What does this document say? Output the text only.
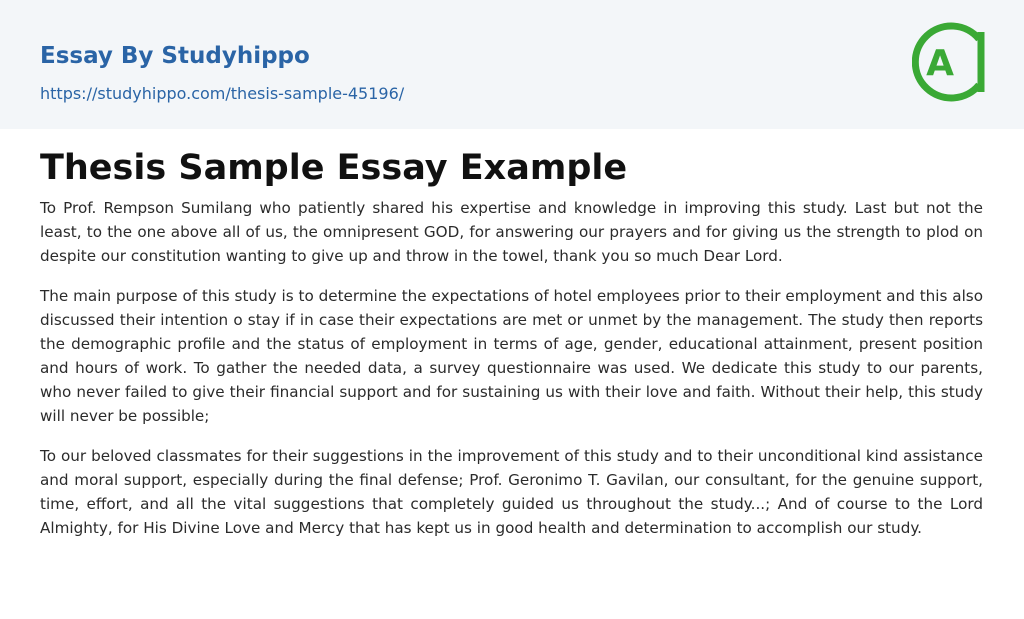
Essay By Studyhippo
https://studyhippo.com/thesis-sample-45196/
A
Thesis Sample Essay Example

To Prof. Rempson Sumilang who patiently shared his expertise and knowledge in improving this study. Last but not the least, to the one above all of us, the omnipresent GOD, for answering our prayers and for giving us the strength to plod on despite our constitution wanting to give up and throw in the towel, thank you so much Dear Lord.

The main purpose of this study is to determine the expectations of hotel employees prior to their employment and this also discussed their intention o stay if in case their expectations are met or unmet by the management. The study then reports the demographic profile and the status of employment in terms of age, gender, educational attainment, present position and hours of work. To gather the needed data, a survey questionnaire was used. We dedicate this study to our parents, who never failed to give their financial support and for sustaining us with their love and faith. Without their help, this study will never be possible;

To our beloved classmates for their suggestions in the improvement of this study and to their unconditional kind assistance and moral support, especially during the final defense; Prof. Geronimo T. Gavilan, our consultant, for the genuine support, time, effort, and all the vital suggestions that completely guided us throughout the study...; And of course to the Lord Almighty, for His Divine Love and Mercy that has kept us in good health and determination to accomplish our study.
